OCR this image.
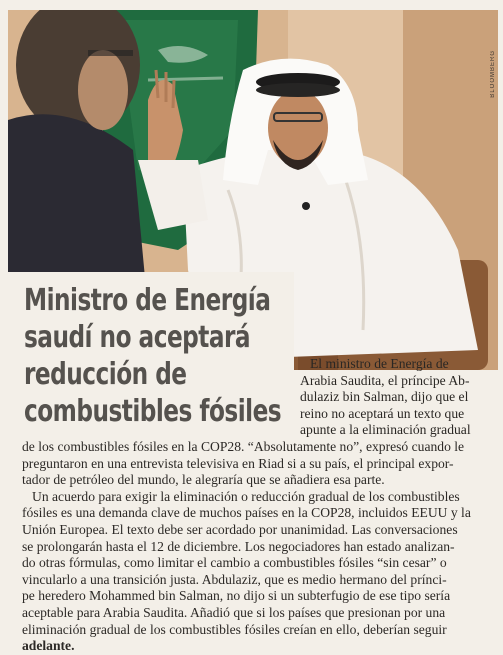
BLOOMBERG
Ministro de Energía
saudí no aceptará
reducción de
combustibles fósiles
El ministro de Energía de
Arabia Saudita, el príncipe Ab-
dulaziz bin Salman, dijo que el
reino no aceptará un texto que
apunte a la eliminación gradual
de los combustibles fósiles en la COP28. “Absolutamente no”, expresó cuando le
preguntaron en una entrevista televisiva en Riad si a su país, el principal expor-
tador de petróleo del mundo, le alegraría que se añadiera esa parte.
Un acuerdo para exigir la eliminación o reducción gradual de los combustibles
fósiles es una demanda clave de muchos países en la COP28, incluidos EEUU y la
Unión Europea. El texto debe ser acordado por unanimidad. Las conversaciones
se prolongarán hasta el 12 de diciembre. Los negociadores han estado analizan-
do otras fórmulas, como limitar el cambio a combustibles fósiles “sin cesar” o
vincularlo a una transición justa. Abdulaziz, que es medio hermano del prínci-
pe heredero Mohammed bin Salman, no dijo si un subterfugio de ese tipo sería
aceptable para Arabia Saudita. Añadió que si los países que presionan por una
eliminación gradual de los combustibles fósiles creían en ello, deberían seguir
adelante.
